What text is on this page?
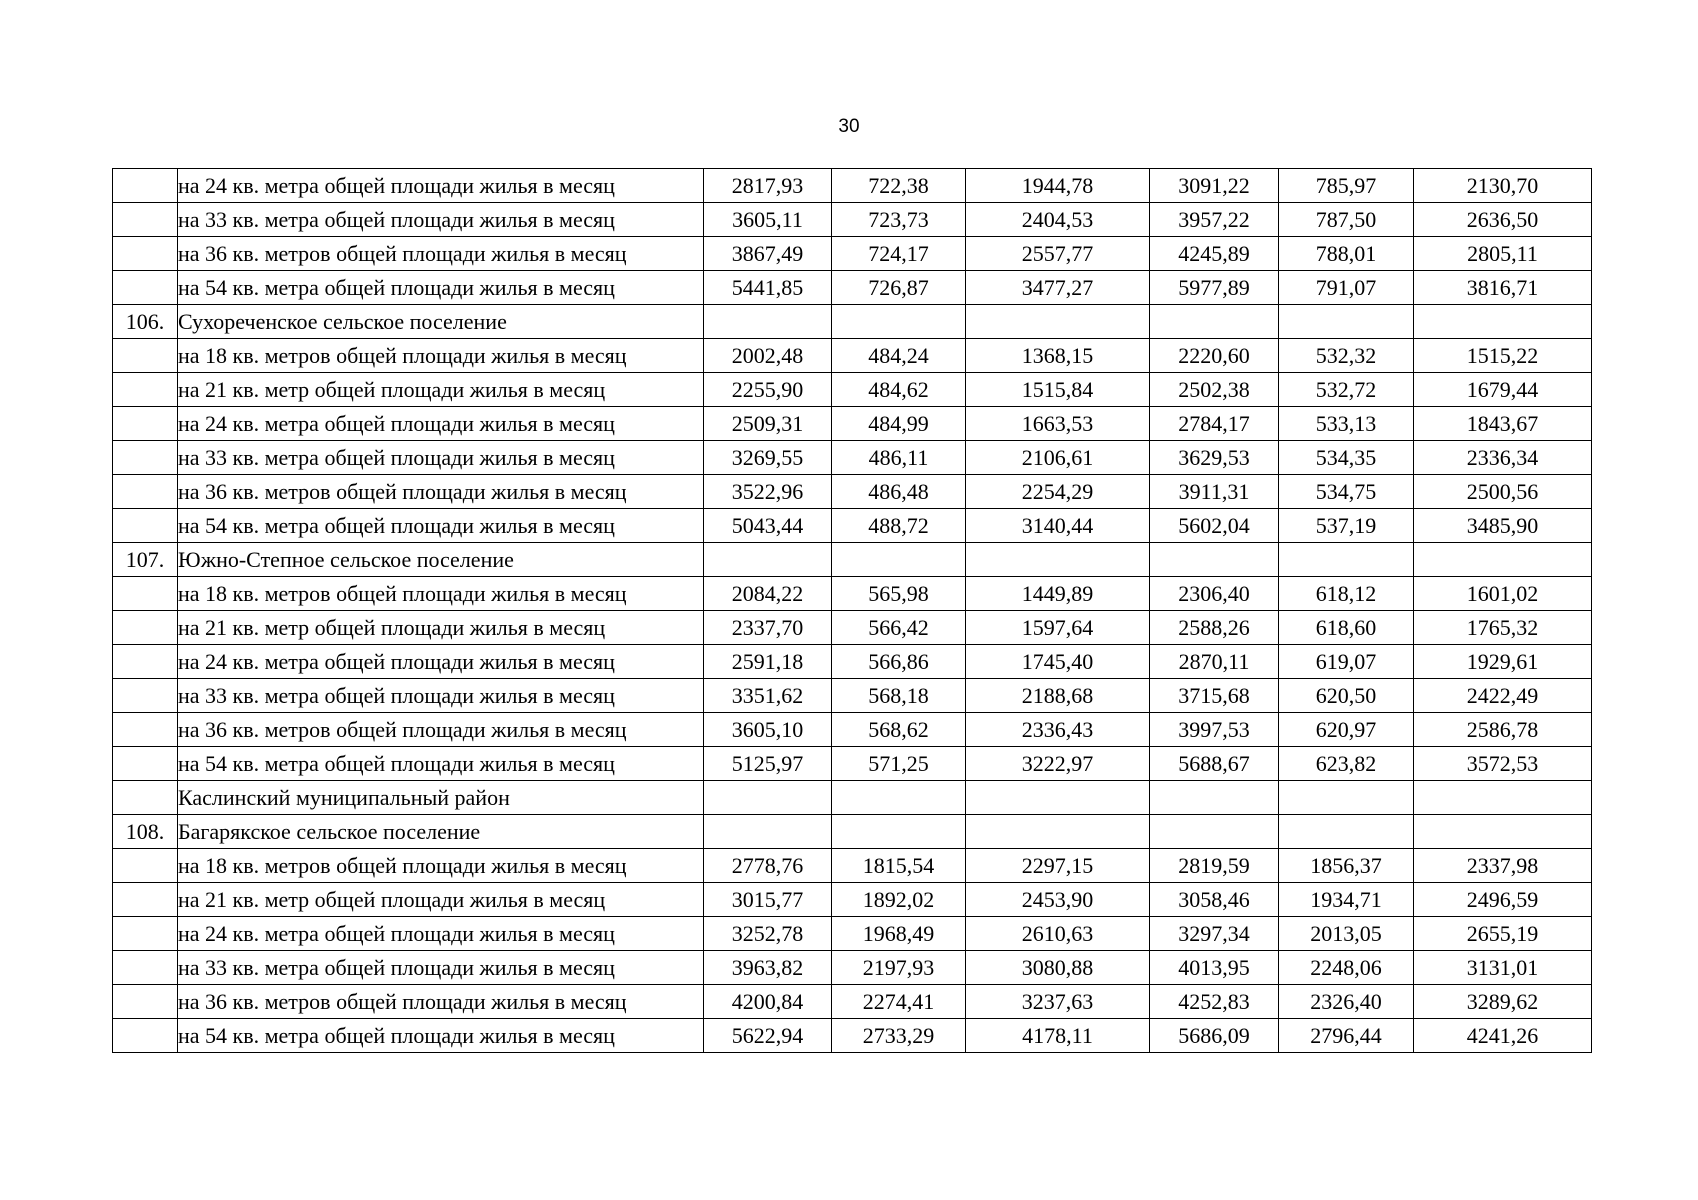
30
	на 24 кв. метра общей площади жилья в месяц	2817,93	722,38	1944,78	3091,22	785,97	2130,70
	на 33 кв. метра общей площади жилья в месяц	3605,11	723,73	2404,53	3957,22	787,50	2636,50
	на 36 кв. метров общей площади жилья в месяц	3867,49	724,17	2557,77	4245,89	788,01	2805,11
	на 54 кв. метра общей площади жилья в месяц	5441,85	726,87	3477,27	5977,89	791,07	3816,71
106.	Сухореченское сельское поселение						
	на 18 кв. метров общей площади жилья в месяц	2002,48	484,24	1368,15	2220,60	532,32	1515,22
	на 21 кв. метр общей площади жилья в месяц	2255,90	484,62	1515,84	2502,38	532,72	1679,44
	на 24 кв. метра общей площади жилья в месяц	2509,31	484,99	1663,53	2784,17	533,13	1843,67
	на 33 кв. метра общей площади жилья в месяц	3269,55	486,11	2106,61	3629,53	534,35	2336,34
	на 36 кв. метров общей площади жилья в месяц	3522,96	486,48	2254,29	3911,31	534,75	2500,56
	на 54 кв. метра общей площади жилья в месяц	5043,44	488,72	3140,44	5602,04	537,19	3485,90
107.	Южно-Степное сельское поселение						
	на 18 кв. метров общей площади жилья в месяц	2084,22	565,98	1449,89	2306,40	618,12	1601,02
	на 21 кв. метр общей площади жилья в месяц	2337,70	566,42	1597,64	2588,26	618,60	1765,32
	на 24 кв. метра общей площади жилья в месяц	2591,18	566,86	1745,40	2870,11	619,07	1929,61
	на 33 кв. метра общей площади жилья в месяц	3351,62	568,18	2188,68	3715,68	620,50	2422,49
	на 36 кв. метров общей площади жилья в месяц	3605,10	568,62	2336,43	3997,53	620,97	2586,78
	на 54 кв. метра общей площади жилья в месяц	5125,97	571,25	3222,97	5688,67	623,82	3572,53
	Каслинский муниципальный район						
108.	Багарякское сельское поселение						
	на 18 кв. метров общей площади жилья в месяц	2778,76	1815,54	2297,15	2819,59	1856,37	2337,98
	на 21 кв. метр общей площади жилья в месяц	3015,77	1892,02	2453,90	3058,46	1934,71	2496,59
	на 24 кв. метра общей площади жилья в месяц	3252,78	1968,49	2610,63	3297,34	2013,05	2655,19
	на 33 кв. метра общей площади жилья в месяц	3963,82	2197,93	3080,88	4013,95	2248,06	3131,01
	на 36 кв. метров общей площади жилья в месяц	4200,84	2274,41	3237,63	4252,83	2326,40	3289,62
	на 54 кв. метра общей площади жилья в месяц	5622,94	2733,29	4178,11	5686,09	2796,44	4241,26
